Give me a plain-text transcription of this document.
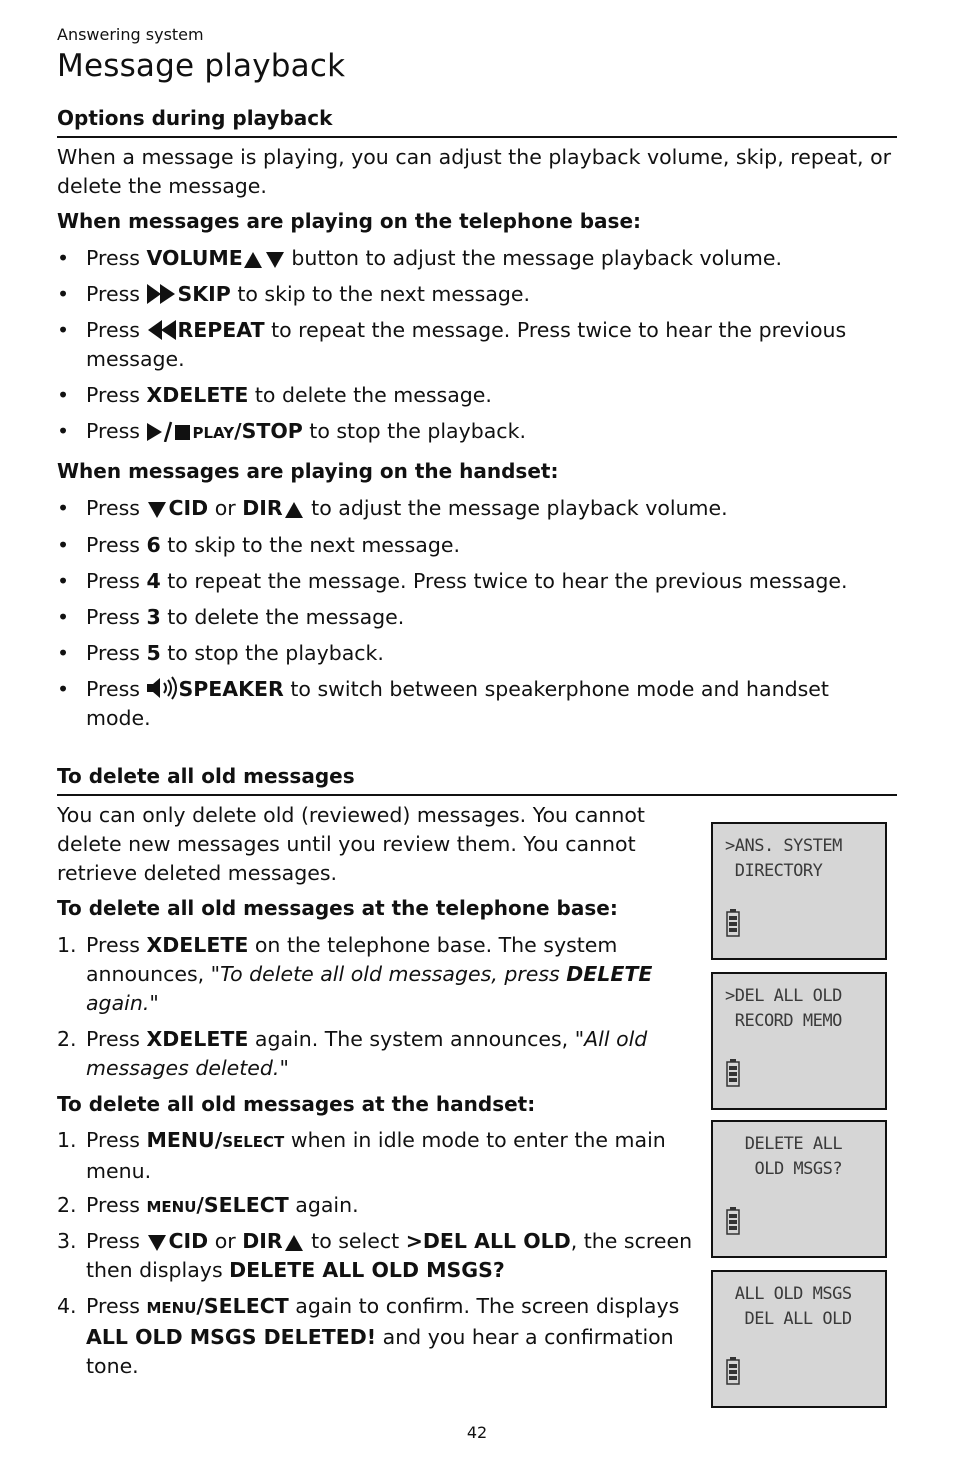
Answering system
Message playback
Options during playback

When a message is playing, you can adjust the playback volume, skip, repeat, or delete the message.

When messages are playing on the telephone base:
• Press VOLUME button to adjust the message playback volume.
• Press SKIP to skip to the next message.
• Press REPEAT to repeat the message. Press twice to hear the previous message.
• Press XDELETE to delete the message.
• Press	PLAY/STOP to stop the playback.
When messages are playing on the handset:
• Press CID or DIR to adjust the message playback volume.
• Press 6 to skip to the next message.
• Press 4 to repeat the message. Press twice to hear the previous message.
• Press 3 to delete the message.
• Press 5 to stop the playback.
• Press SPEAKER to switch between speakerphone mode and handset mode.
To delete all old messages

You can only delete old (reviewed) messages. You cannot delete new messages until you review them. You cannot retrieve deleted messages.

To delete all old messages at the telephone base:
1. Press XDELETE on the telephone base. The system announces, "To delete all old messages, press DELETE again."
2. Press XDELETE again. The system announces, "All old messages deleted."
To delete all old messages at the handset:
1. Press MENU/SELECT when in idle mode to enter the main menu.
2. Press MENU/SELECT again.
3. Press CID or DIR to select >DEL ALL OLD, the screen then displays DELETE ALL OLD MSGS?
4. Press MENU/SELECT again to confirm. The screen displays ALL OLD MSGS DELETED! and you hear a confirmation tone.
>ANS. SYSTEM
DIRECTORY
>DEL ALL OLD
RECORD MEMO
DELETE ALL
OLD MSGS?
ALL OLD MSGS
DEL ALL OLD
42
